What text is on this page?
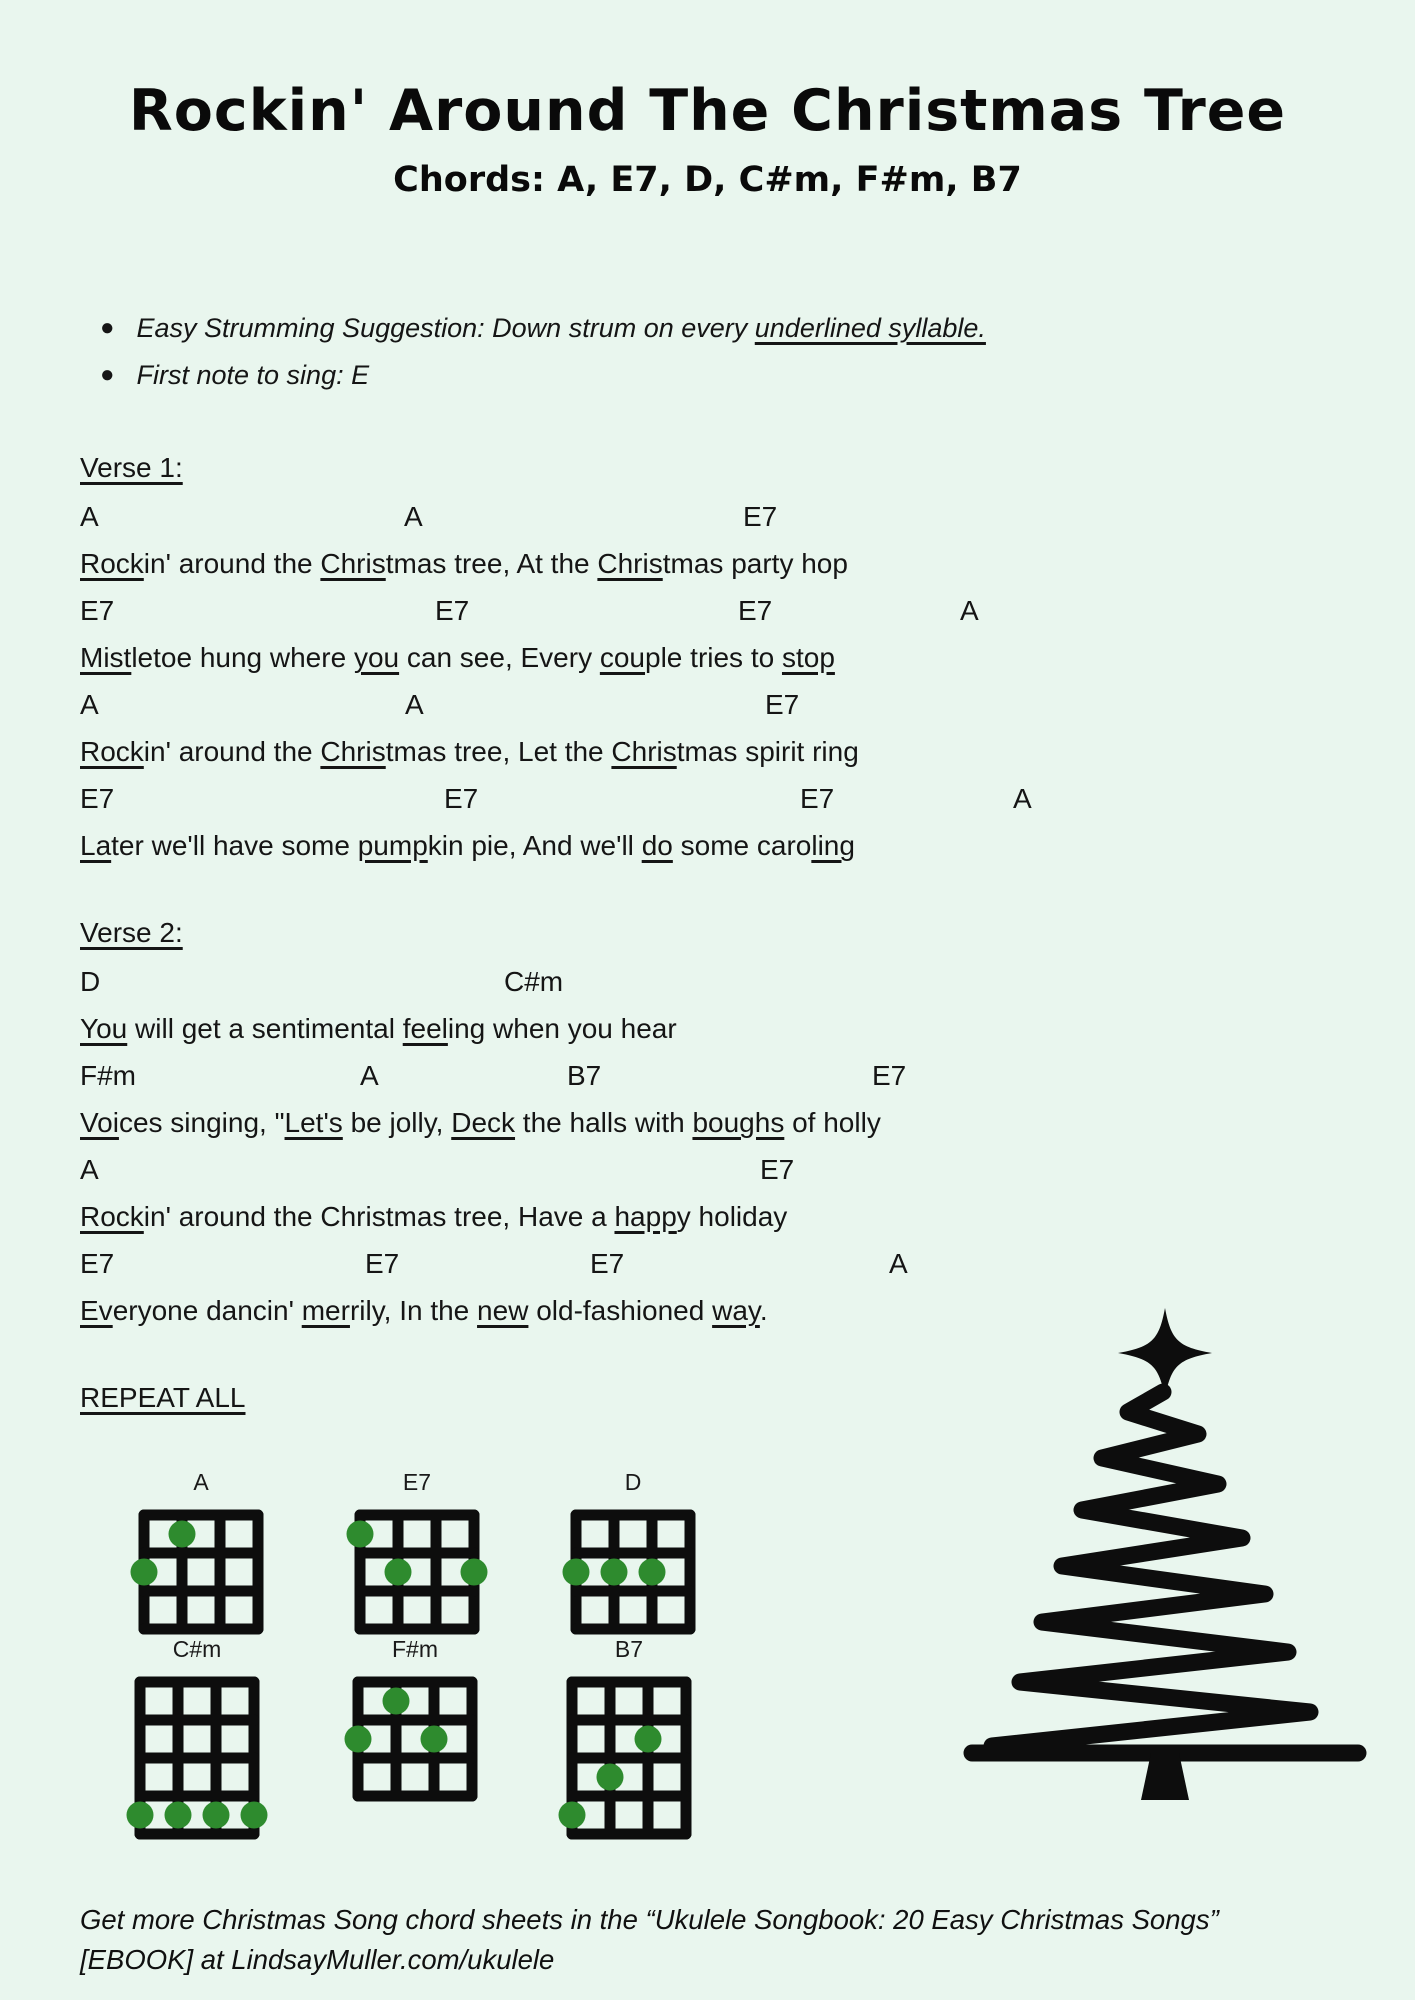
Rockin' Around The Christmas Tree
Chords: A, E7, D, C#m, F#m, B7
● Easy Strumming Suggestion: Down strum on every underlined syllable.
● First note to sing: E
Verse 1:
A	A	E7
Rockin' around the Christmas tree, At the Christmas party hop
E7	E7	E7	A
Mistletoe hung where you can see, Every couple tries to stop
A	A	E7
Rockin' around the Christmas tree, Let the Christmas spirit ring
E7	E7	E7	A
Later we'll have some pumpkin pie, And we'll do some caroling
Verse 2:
D	C#m
You will get a sentimental feeling when you hear
F#m	A	B7	E7
Voices singing, "Let's be jolly, Deck the halls with boughs of holly
A	E7
Rockin' around the Christmas tree, Have a happy holiday
E7	E7	E7	A
Everyone dancin' merrily, In the new old-fashioned way.
REPEAT ALL
A	E7	D
C#m	F#m	B7
Get more Christmas Song chord sheets in the “Ukulele Songbook: 20 Easy Christmas Songs”
[EBOOK] at LindsayMuller.com/ukulele
